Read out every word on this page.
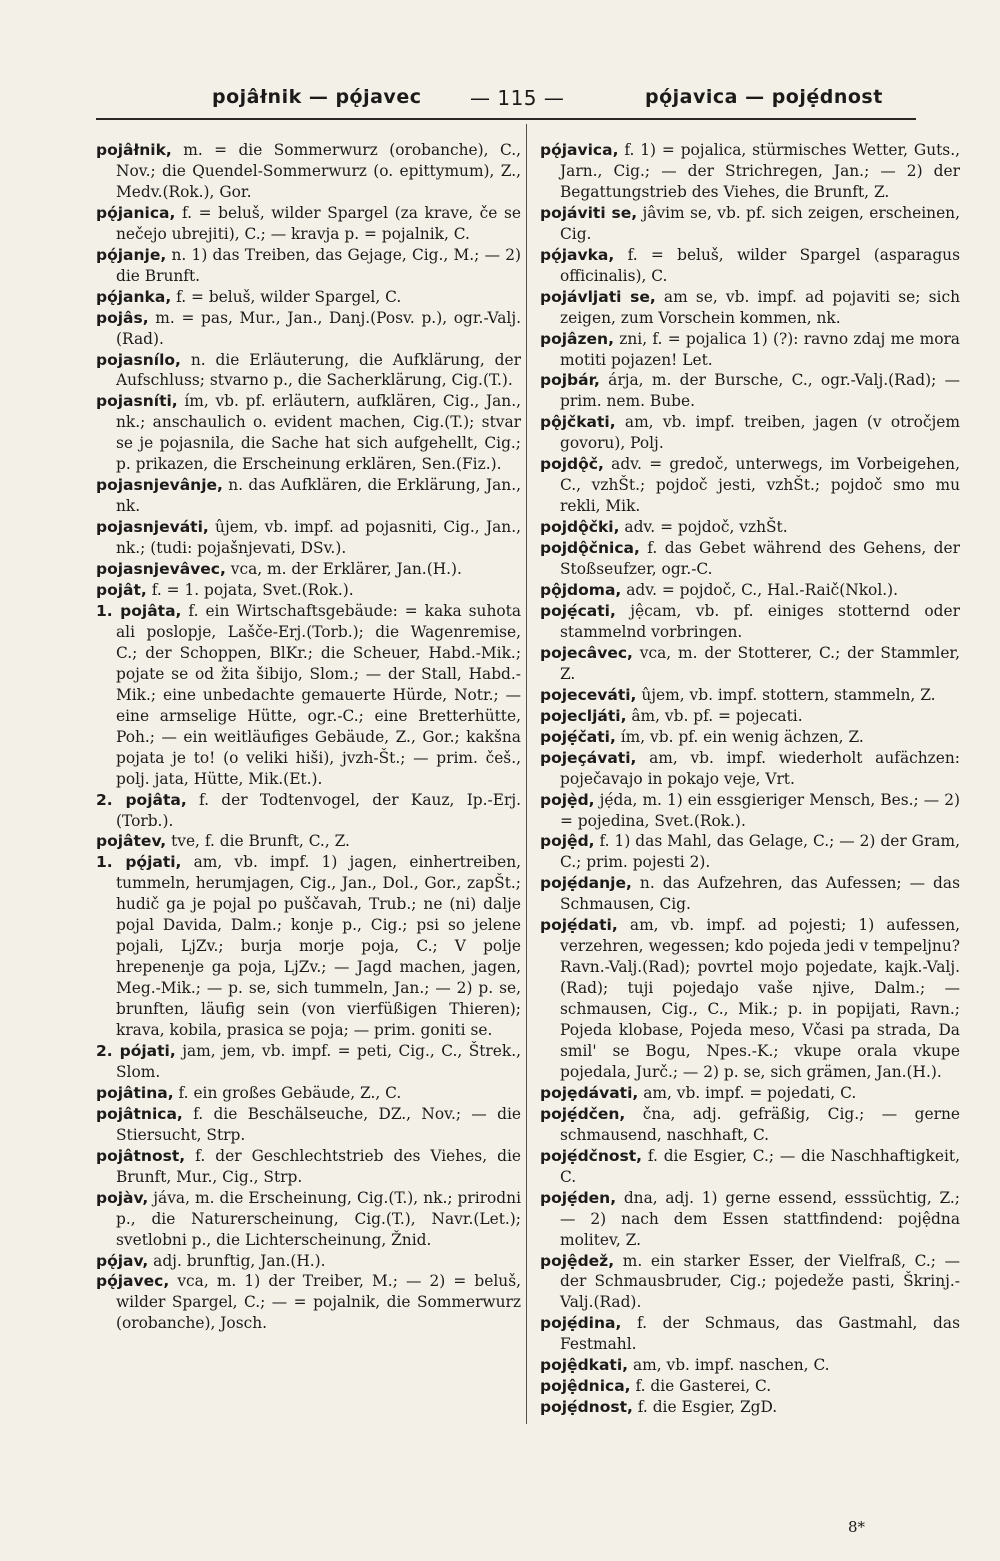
pojâłnik — pǫ́javec — 115 —	pǫ́javica — pojẹ́dnost

pojâłnik, m. = die Sommerwurz (orobanche), C., Nov.; die Quendel-Sommerwurz (o. epittymum), Z., Medv.(Rok.), Gor.

pǫ́janica, f. = beluš, wilder Spargel (za krave, če se nečejo ubrejiti), C.; — kravja p. = pojalnik, C.

pǫ́janje, n. 1) das Treiben, das Gejage, Cig., M.; — 2) die Brunft.

pǫ́janka, f. = beluš, wilder Spargel, C.

pojâs, m. = pas, Mur., Jan., Danj.(Posv. p.), ogr.-Valj.(Rad).

pojasnílo, n. die Erläuterung, die Aufklärung, der Aufschluss; stvarno p., die Sacherklärung, Cig.(T.).

pojasníti, ím, vb. pf. erläutern, aufklären, Cig., Jan., nk.; anschaulich o. evident machen, Cig.(T.); stvar se je pojasnila, die Sache hat sich aufgehellt, Cig.; p. prikazen, die Erscheinung erklären, Sen.(Fiz.).

pojasnjevânje, n. das Aufklären, die Erklärung, Jan., nk.

pojasnjeváti, ûjem, vb. impf. ad pojasniti, Cig., Jan., nk.; (tudi: pojašnjevati, DSv.).

pojasnjevâvec, vca, m. der Erklärer, Jan.(H.).

pojât, f. = 1. pojata, Svet.(Rok.).

1. pojâta, f. ein Wirtschaftsgebäude: = kaka suhota ali poslopje, Lašče-Erj.(Torb.); die Wagenremise, C.; der Schoppen, BlKr.; die Scheuer, Habd.-Mik.; pojate se od žita šibijo, Slom.; — der Stall, Habd.-Mik.; eine unbedachte gemauerte Hürde, Notr.; — eine armselige Hütte, ogr.-C.; eine Bretterhütte, Poh.; — ein weitläufiges Gebäude, Z., Gor.; kakšna pojata je to! (o veliki hiši), jvzh-Št.; — prim. češ., polj. jata, Hütte, Mik.(Et.).

2. pojâta, f. der Todtenvogel, der Kauz, Ip.-Erj.(Torb.).

pojâtev, tve, f. die Brunft, C., Z.

1. pǫ́jati, am, vb. impf. 1) jagen, einhertreiben, tummeln, herumjagen, Cig., Jan., Dol., Gor., zapŠt.; hudič ga je pojal po puščavah, Trub.; ne (ni) dalje pojal Davida, Dalm.; konje p., Cig.; psi so jelene pojali, LjZv.; burja morje poja, C.; V polje hrepenenje ga poja, LjZv.; — Jagd machen, jagen, Meg.-Mik.; — p. se, sich tummeln, Jan.; — 2) p. se, brunften, läufig sein (von vierfüßigen Thieren); krava, kobila, prasica se poja; — prim. goniti se.

2. pójati, jam, jem, vb. impf. = peti, Cig., C., Štrek., Slom.

pojâtina, f. ein großes Gebäude, Z., C.

pojâtnica, f. die Beschälseuche, DZ., Nov.; — die Stiersucht, Strp.

pojâtnost, f. der Geschlechtstrieb des Viehes, die Brunft, Mur., Cig., Strp.

pojàv, jáva, m. die Erscheinung, Cig.(T.), nk.; prirodni p., die Naturerscheinung, Cig.(T.), Navr.(Let.); svetlobni p., die Lichterscheinung, Žnid.

pǫ́jav, adj. brunftig, Jan.(H.).

pǫ́javec, vca, m. 1) der Treiber, M.; — 2) = beluš, wilder Spargel, C.; — = pojalnik, die Sommerwurz (orobanche), Josch.

pǫ́javica, f. 1) = pojalica, stürmisches Wetter, Guts., Jarn., Cig.; — der Strichregen, Jan.; — 2) der Begattungstrieb des Viehes, die Brunft, Z.

pojáviti se, jâvim se, vb. pf. sich zeigen, erscheinen, Cig.

pǫ́javka, f. = beluš, wilder Spargel (asparagus officinalis), C.

pojávljati se, am se, vb. impf. ad pojaviti se; sich zeigen, zum Vorschein kommen, nk.

pojâzen, zni, f. = pojalica 1) (?): ravno zdaj me mora motiti pojazen! Let.

pojbár, árja, m. der Bursche, C., ogr.-Valj.(Rad); — prim. nem. Bube.

pǫ̂jčkati, am, vb. impf. treiben, jagen (v otročjem govoru), Polj.

pojdǫ̂č, adv. = gredoč, unterwegs, im Vorbeigehen, C., vzhŠt.; pojdoč jesti, vzhŠt.; pojdoč smo mu rekli, Mik.

pojdǫ̂čki, adv. = pojdoč, vzhŠt.

pojdǫ̂čnica, f. das Gebet während des Gehens, der Stoßseufzer, ogr.-C.

pǫ̂jdoma, adv. = pojdoč, C., Hal.-Raič(Nkol.).

pojẹ́cati, jệcam, vb. pf. einiges stotternd oder stammelnd vorbringen.

pojecâvec, vca, m. der Stotterer, C.; der Stammler, Z.

pojeceváti, ûjem, vb. impf. stottern, stammeln, Z.

pojecljáti, âm, vb. pf. = pojecati.

pojẹ́čati, ím, vb. pf. ein wenig ächzen, Z.

pojeçávati, am, vb. impf. wiederholt aufächzen: poječavajo in pokajo veje, Vrt.

pojẹ̀d, jẹ́da, m. 1) ein essgieriger Mensch, Bes.; — 2) = pojedina, Svet.(Rok.).

pojệd, f. 1) das Mahl, das Gelage, C.; — 2) der Gram, C.; prim. pojesti 2).

pojẹ́danje, n. das Aufzehren, das Aufessen; — das Schmausen, Cig.

pojẹ́dati, am, vb. impf. ad pojesti; 1) aufessen, verzehren, wegessen; kdo pojeda jedi v tempeljnu? Ravn.-Valj.(Rad); povrtel mojo pojedate, kajk.-Valj.(Rad); tuji pojedajo vaše njive, Dalm.; — schmausen, Cig., C., Mik.; p. in popijati, Ravn.; Pojeda klobase, Pojeda meso, Včasi pa strada, Da smil' se Bogu, Npes.-K.; vkupe orala vkupe pojedala, Jurč.; — 2) p. se, sich grämen, Jan.(H.).

pojẹdávati, am, vb. impf. = pojedati, C.

pojẹ́dčen, čna, adj. gefräßig, Cig.; — gerne schmausend, naschhaft, C.

pojẹ́dčnost, f. die Esgier, C.; — die Naschhaftigkeit, C.

pojẹ́den, dna, adj. 1) gerne essend, esssüchtig, Z.; — 2) nach dem Essen stattfindend: pojệdna molitev, Z.

pojệdež, m. ein starker Esser, der Vielfraß, C.; — der Schmausbruder, Cig.; pojedeže pasti, Škrinj.-Valj.(Rad).

pojẹ́dina, f. der Schmaus, das Gastmahl, das Festmahl.

pojệdkati, am, vb. impf. naschen, C.

pojệdnica, f. die Gasterei, C.

pojẹ́dnost, f. die Esgier, ZgD.

8*
